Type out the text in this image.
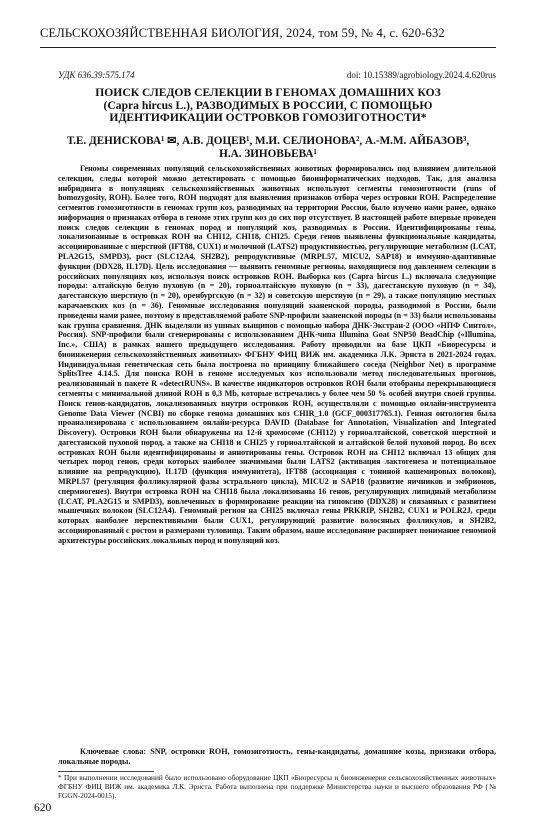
СЕЛЬСКОХОЗЯЙСТВЕННАЯ БИОЛОГИЯ, 2024, том 59, № 4, с. 620-632
УДК 636.39:575.174	doi: 10.15389/agrobiology.2024.4.620rus
ПОИСК СЛЕДОВ СЕЛЕКЦИИ В ГЕНОМАХ ДОМАШНИХ КОЗ
(Capra hircus L.), РАЗВОДИМЫХ В РОССИИ, С ПОМОЩЬЮ
ИДЕНТИФИКАЦИИ ОСТРОВКОВ ГОМОЗИГОТНОСТИ*
Т.Е. ДЕНИСКОВА¹ ✉, А.В. ДОЦЕВ¹, М.И. СЕЛИОНОВА², А.-М.М. АЙБАЗОВ³,
Н.А. ЗИНОВЬЕВА¹

Геномы современных популяций сельскохозяйственных животных формировались под влиянием длительной селекции, следы которой можно детектировать с помощью биоинформатических подходов. Так, для анализа инбридинга в популяциях сельскохозяйственных животных используют сегменты гомозиготности (runs of homozygosity, ROH). Более того, ROH подходят для выявления признаков отбора через островки ROH. Распределение сегментов гомозиготности в геномах групп коз, разводимых на территории России, было изучено нами ранее, однако информация о признаках отбора в геноме этих групп коз до сих пор отсутствует. В настоящей работе впервые проведен поиск следов селекции в геномах пород и популяций коз, разводимых в России. Идентифицированы гены, локализованные в островках ROH на CHI12, CHI18, CHI25. Среди генов выявлены функциональные кандидаты, ассоциированные с шерстной (IFT88, CUX1) и молочной (LATS2) продуктивностью, регулирующие метаболизм (LCAT, PLA2G15, SMPD3), рост (SLC12A4, SH2B2), репродуктивные (MRPL57, MICU2, SAP18) и иммунно-адаптивные функции (DDX28, IL17D). Цель исследования — выявить геномные регионы, находящиеся под давлением селекции в российских популяциях коз, используя поиск островков ROH. Выборка коз (Capra hircus L.) включала следующие породы: алтайскую белую пуховую (n = 20), горноалтайскую пуховую (n = 33), дагестанскую пуховую (n = 34), дагестанскую шерстную (n = 20), оренбургскую (n = 32) и советскую шерстную (n = 29), а также популяцию местных карачаевских коз (n = 36). Геномные исследования популяций зааненской породы, разводимой в России, были проведены нами ранее, поэтому в представляемой работе SNP-профили зааненской породы (n = 33) были использованы как группа сравнения. ДНК выделяли из ушных выщипов с помощью набора ДНК-Экстран-2 (ООО «НПФ Синтол», Россия). SNP-профили были сгенерированы с использованием ДНК-чипа Illumina Goat SNP50 BeadChip («Illumina, Inc.», США) в рамках нашего предыдущего исследования. Работу проводили на базе ЦКП «Биоресурсы и биоинженерия сельскохозяйственных животных» ФГБНУ ФИЦ ВИЖ им. академика Л.К. Эрнста в 2021-2024 годах. Индивидуальная генетическая сеть была построена по принципу ближайшего соседа (Neighbor Net) в программе SplitsTree 4.14.5. Для поиска ROH в геноме исследуемых коз использовали метод последовательных прогонов, реализованный в пакете R «detectRUNS». В качестве индикаторов островков ROH были отобраны перекрывающиеся сегменты с минимальной длиной ROH в 0,3 Mb, которые встречались у более чем 50 % особей внутри своей группы. Поиск генов-кандидатов, локализованных внутри островков ROH, осуществляли с помощью онлайн-инструмента Genome Data Viewer (NCBI) по сборке генома домашних коз CHIR_1.0 (GCF_000317765.1). Генная онтология была проанализирована с использованием онлайн-ресурса DAVID (Database for Annotation, Visualization and Integrated Discovery). Островки ROH были обнаружены на 12-й хромосоме (CHI12) у горноалтайской, советской шерстной и дагестанской пуховой пород, а также на CHI18 и CHI25 у горноалтайской и алтайской белой пуховой пород. Во всех островках ROH были идентифицированы и аннотированы гены. Островок ROH на CHI12 включал 13 общих для четырех пород генов, среди которых наиболее значимыми были LATS2 (активация лактогенеза и потенциальное влияние на репродукцию), IL17D (функция иммунитета), IFT88 (ассоциация с тониной кашемировых волокон), MRPL57 (регуляция фолликулярной фазы эстрального цикла), MICU2 и SAP18 (развитие яичников и эмбрионов, спермиогенез). Внутри островка ROH на CHI18 была локализованы 16 генов, регулирующих липидный метаболизм (LCAT, PLA2G15 и SMPD3), вовлеченных в формирование реакции на гипоксию (DDX28) и связанных с развитием мышечных волокон (SLC12A4). Геномный регион на CHI25 включал гены PRKRIP, SH2B2, CUX1 и POLR2J, среди которых наиболее перспективными были CUX1, регулирующий развитие волосяных фолликулов, и SH2B2, ассоциированный с ростом и размерами туловища. Таким образом, наше исследование расширяет понимание геномной архитектуры российских локальных пород и популяций коз.

Ключевые слова: SNP, островки ROH, гомозиготность, гены-кандидаты, домашние козы, признаки отбора, локальные породы.

* При выполнении исследований было использовано оборудование ЦКП «Биоресурсы и биоинженерия сельскохозяйственных животных» ФГБНУ ФИЦ ВИЖ им. академика Л.К. Эрнста. Работа выполнена при поддержке Министерства науки и высшего образования РФ (№ FGGN-2024-0015).

620
